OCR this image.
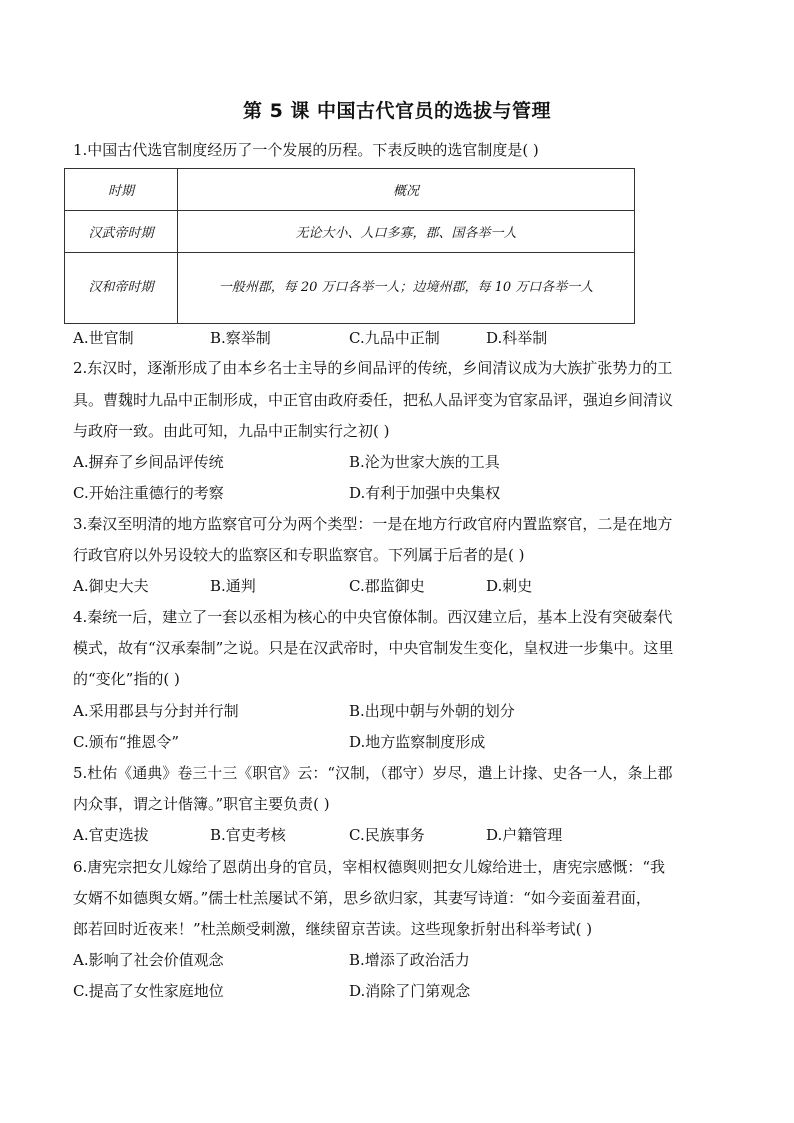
第 5 课 中国古代官员的选拔与管理
1.中国古代选官制度经历了一个发展的历程。下表反映的选官制度是( )
时期	概况
汉武帝时期	无论大小、人口多寡，郡、国各举一人
汉和帝时期	一般州郡，每 20 万口各举一人；边境州郡，每 10 万口各举一人
A.世官制	B.察举制	C.九品中正制	D.科举制
2.东汉时，逐渐形成了由本乡名士主导的乡间品评的传统，乡间清议成为大族扩张势力的工
具。曹魏时九品中正制形成，中正官由政府委任，把私人品评变为官家品评，强迫乡间清议
与政府一致。由此可知，九品中正制实行之初( )
A.摒弃了乡间品评传统	B.沦为世家大族的工具
C.开始注重德行的考察	D.有利于加强中央集权
3.秦汉至明清的地方监察官可分为两个类型：一是在地方行政官府内置监察官，二是在地方
行政官府以外另设较大的监察区和专职监察官。下列属于后者的是( )
A.御史大夫	B.通判	C.郡监御史	D.刺史
4.秦统一后，建立了一套以丞相为核心的中央官僚体制。西汉建立后，基本上没有突破秦代
模式，故有“汉承秦制”之说。只是在汉武帝时，中央官制发生变化，皇权进一步集中。这里
的“变化”指的( )
A.采用郡县与分封并行制	B.出现中朝与外朝的划分
C.颁布“推恩令”	D.地方监察制度形成
5.杜佑《通典》卷三十三《职官》云：“汉制，（郡守）岁尽，遣上计掾、史各一人，条上郡
内众事，谓之计偕簿。”职官主要负责( )
A.官吏选拔	B.官吏考核	C.民族事务	D.户籍管理
6.唐宪宗把女儿嫁给了恩荫出身的官员，宰相权德舆则把女儿嫁给进士，唐宪宗感慨：“我
女婿不如德舆女婿。”儒士杜羔屡试不第，思乡欲归家，其妻写诗道：“如今妾面羞君面，
郎若回时近夜来！”杜羔颇受刺激，继续留京苦读。这些现象折射出科举考试( )
A.影响了社会价值观念	B.增添了政治活力
C.提高了女性家庭地位	D.消除了门第观念
